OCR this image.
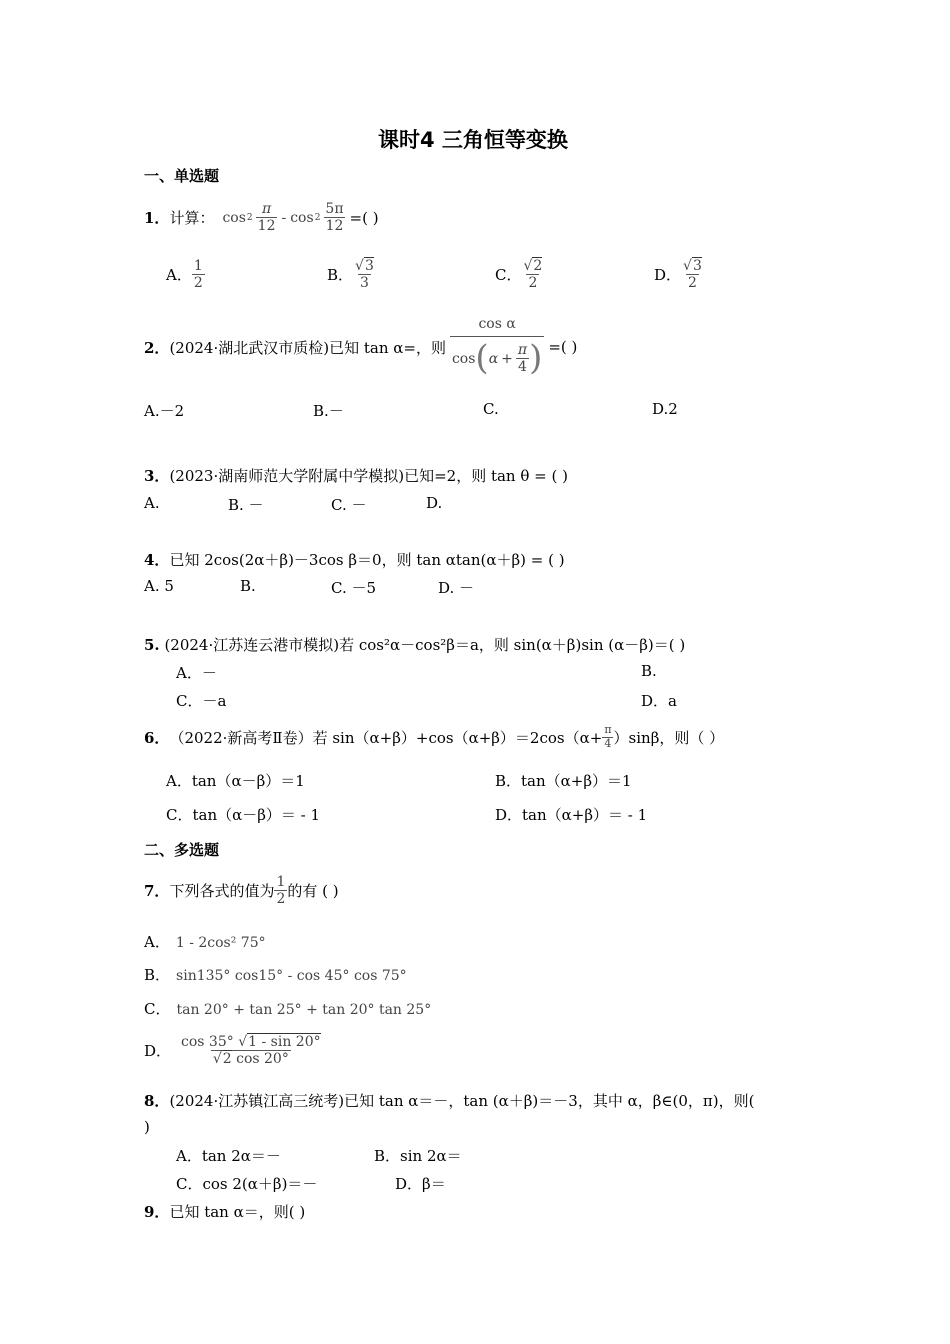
课时4 三角恒等变换
一、单选题
1． 计算： $\cos 2 \frac{\pi}{12}$ - $\cos 2 \frac{5\pi}{12}$ =( )
A． $\frac{1}{2}$	B． $\frac{√3}{3}$	C． $\frac{√2}{2}$	D． $\frac{√3}{2}$
2． (2024·湖北武汉市质检)已知 tan α=，则 $\frac{\text{cos α}}{\cos ( \alpha + \frac{\pi}{4} )}$ =( )
A.－2	B.－	C.	D.2
3．(2023·湖南师范大学附属中学模拟)已知=2，则 tan θ = ( )
A.	B. －	C. －	D.
4．已知 2cos(2α＋β)－3cos β＝0，则 tan αtan(α＋β) = ( )
A. 5	B.	C. －5	D. －
5. (2024·江苏连云港市模拟)若 cos²α－cos²β＝a，则 sin(α＋β)sin (α－β)＝( )
A．－	B.
C．－a	D．a
6． （2022·新高考Ⅱ卷）若 $\sin(\alpha+\beta)+\cos(\alpha+\beta)=2\cos(\alpha+ \frac{\pi}{4} )\sin\beta$，则（ ）
A．tan（α－β）＝1	B．tan（α+β）＝1
C．tan（α－β）＝ - 1	D．tan（α+β）＝ - 1
二、多选题
7． 下列各式的值为 $\frac{1}{2}$ 的有 ( )
A． 1 - 2cos² 75°
B． sin135° cos15° - cos 45° cos 75°
C． tan 20° + tan 25° + tan 20° tan 25°
D． $\frac{\cos 35^\circ √1 - \sin 20^\circ}{√2 \cos 20^\circ}$
8．(2024·江苏镇江高三统考)已知 tan α＝－，tan (α＋β)＝－3，其中 α，β∈(0，π)，则(
)
A．tan 2α＝－	B．sin 2α＝
C．cos 2(α＋β)＝－	D．β＝
9．已知 tan α＝，则( )
